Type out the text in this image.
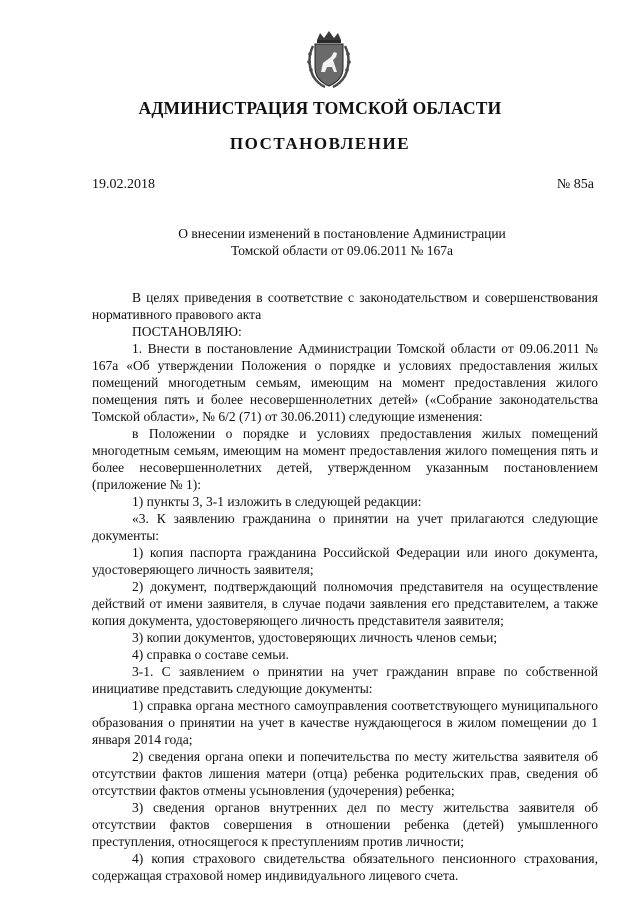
АДМИНИСТРАЦИЯ ТОМСКОЙ ОБЛАСТИ
ПОСТАНОВЛЕНИЕ
19.02.2018	№ 85а
О внесении изменений в постановление Администрации
Томской области от 09.06.2011 № 167а

В целях приведения в соответствие с законодательством и совершенствования нормативного правового акта

ПОСТАНОВЛЯЮ:

1. Внести в постановление Администрации Томской области от 09.06.2011 № 167а «Об утверждении Положения о порядке и условиях предоставления жилых помещений многодетным семьям, имеющим на момент предоставления жилого помещения пять и более несовершеннолетних детей» («Собрание законодательства Томской области», № 6/2 (71) от 30.06.2011) следующие изменения:

в Положении о порядке и условиях предоставления жилых помещений многодетным семьям, имеющим на момент предоставления жилого помещения пять и более несовершеннолетних детей, утвержденном указанным постановлением (приложение № 1):

1) пункты 3, 3-1 изложить в следующей редакции:

«3. К заявлению гражданина о принятии на учет прилагаются следующие документы:

1) копия паспорта гражданина Российской Федерации или иного документа, удостоверяющего личность заявителя;

2) документ, подтверждающий полномочия представителя на осуществление действий от имени заявителя, в случае подачи заявления его представителем, а также копия документа, удостоверяющего личность представителя заявителя;

3) копии документов, удостоверяющих личность членов семьи;

4) справка о составе семьи.

3-1. С заявлением о принятии на учет гражданин вправе по собственной инициативе представить следующие документы:

1) справка органа местного самоуправления соответствующего муниципального образования о принятии на учет в качестве нуждающегося в жилом помещении до 1 января 2014 года;

2) сведения органа опеки и попечительства по месту жительства заявителя об отсутствии фактов лишения матери (отца) ребенка родительских прав, сведения об отсутствии фактов отмены усыновления (удочерения) ребенка;

3) сведения органов внутренних дел по месту жительства заявителя об отсутствии фактов совершения в отношении ребенка (детей) умышленного преступления, относящегося к преступлениям против личности;

4) копия страхового свидетельства обязательного пенсионного страхования, содержащая страховой номер индивидуального лицевого счета.
